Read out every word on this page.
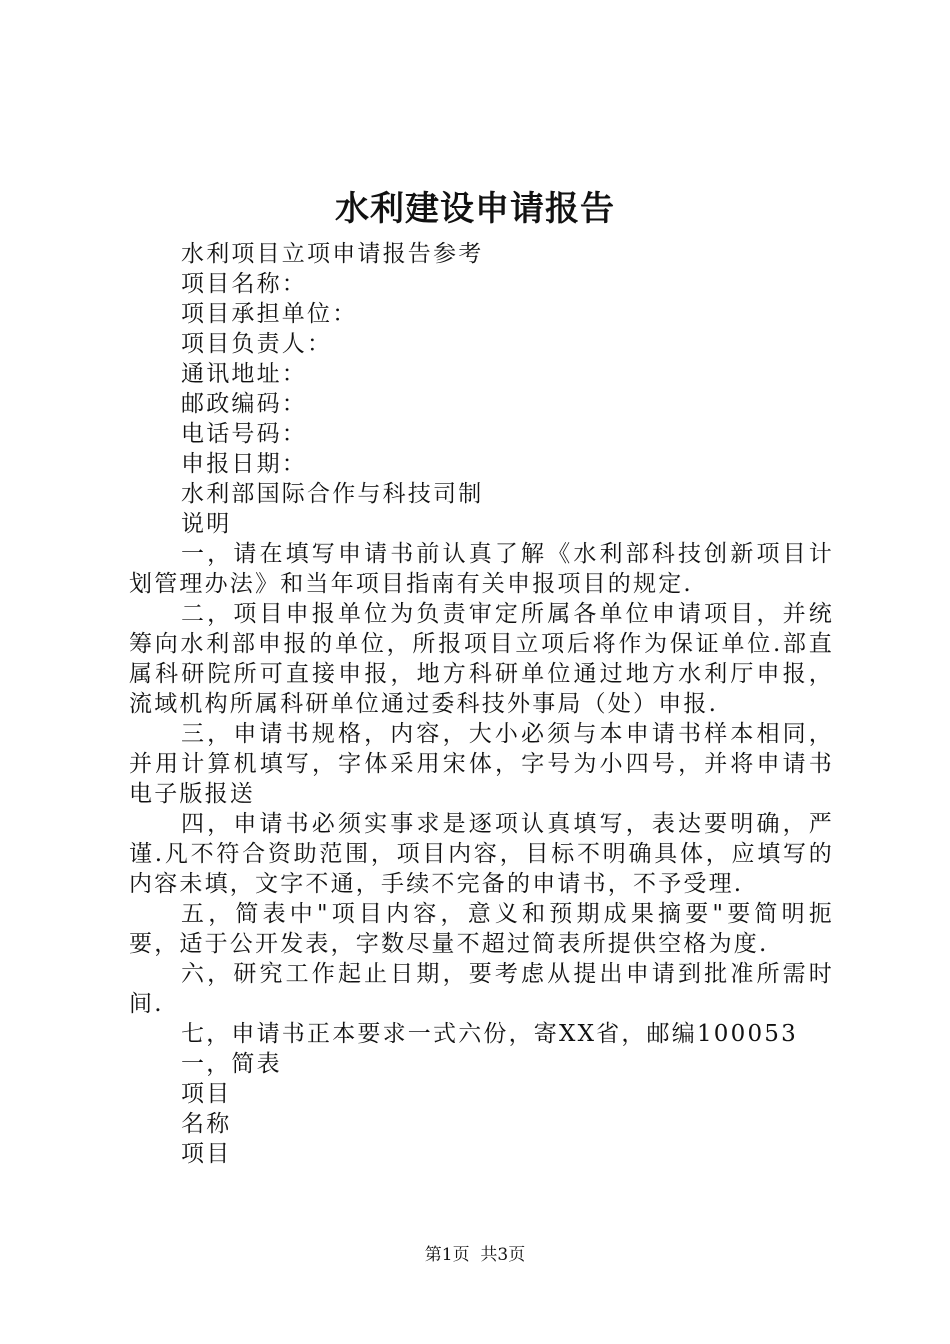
水利建设申请报告

水利项目立项申请报告参考

项目名称：

项目承担单位：

项目负责人：

通讯地址：

邮政编码：

电话号码：

申报日期：

水利部国际合作与科技司制

说明

一，请在填写申请书前认真了解《水利部科技创新项目计划管理办法》和当年项目指南有关申报项目的规定.

二，项目申报单位为负责审定所属各单位申请项目，并统筹向水利部申报的单位，所报项目立项后将作为保证单位.部直属科研院所可直接申报，地方科研单位通过地方水利厅申报，流域机构所属科研单位通过委科技外事局（处）申报.

三，申请书规格，内容，大小必须与本申请书样本相同，并用计算机填写，字体采用宋体，字号为小四号，并将申请书电子版报送

四，申请书必须实事求是逐项认真填写，表达要明确，严谨.凡不符合资助范围，项目内容，目标不明确具体，应填写的内容未填，文字不通，手续不完备的申请书，不予受理.

五，简表中"项目内容，意义和预期成果摘要"要简明扼要，适于公开发表，字数尽量不超过简表所提供空格为度.

六，研究工作起止日期，要考虑从提出申请到批准所需时间.

七，申请书正本要求一式六份，寄XX省，邮编100053

一，简表

项目

名称

项目

第1页  共3页
